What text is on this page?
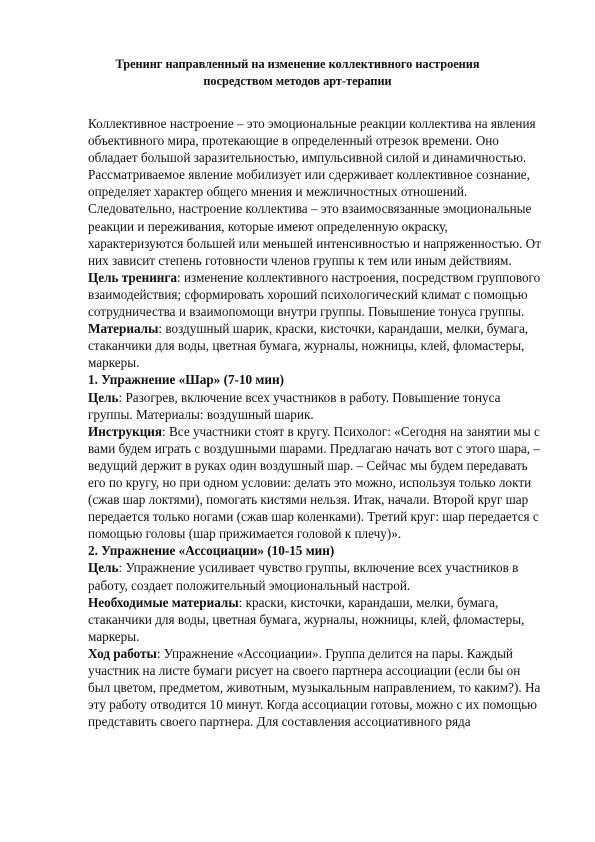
Тренинг направленный на изменение коллективного настроения
посредством методов арт-терапии

Коллективное настроение – это эмоциональные реакции коллектива на явления объективного мира, протекающие в определенный отрезок времени. Оно обладает большой заразительностью, импульсивной силой и динамичностью. Рассматриваемое явление мобилизует или сдерживает коллективное сознание, определяет характер общего мнения и межличностных отношений. Следовательно, настроение коллектива – это взаимосвязанные эмоциональные реакции и переживания, которые имеют определенную окраску, характеризуются большей или меньшей интенсивностью и напряженностью. От них зависит степень готовности членов группы к тем или иным действиям.

Цель тренинга: изменение коллективного настроения, посредством группового взаимодействия; сформировать хороший психологический климат с помощью сотрудничества и взаимопомощи внутри группы. Повышение тонуса группы.

Материалы: воздушный шарик, краски, кисточки, карандаши, мелки, бумага, стаканчики для воды, цветная бумага, журналы, ножницы, клей, фломастеры, маркеры.

1. Упражнение «Шар» (7-10 мин)

Цель: Разогрев, включение всех участников в работу. Повышение тонуса группы. Материалы: воздушный шарик.

Инструкция: Все участники стоят в кругу. Психолог: «Сегодня на занятии мы с вами будем играть с воздушными шарами. Предлагаю начать вот с этого шара, – ведущий держит в руках один воздушный шар. – Сейчас мы будем передавать его по кругу, но при одном условии: делать это можно, используя только локти (сжав шар локтями), помогать кистями нельзя. Итак, начали. Второй круг шар передается только ногами (сжав шар коленками). Третий круг: шар передается с помощью головы (шар прижимается головой к плечу)».

2. Упражнение «Ассоциации» (10-15 мин)

Цель: Упражнение усиливает чувство группы, включение всех участников в работу, создает положительный эмоциональный настрой.

Необходимые материалы: краски, кисточки, карандаши, мелки, бумага, стаканчики для воды, цветная бумага, журналы, ножницы, клей, фломастеры, маркеры.

Ход работы: Упражнение «Ассоциации». Группа делится на пары. Каждый участник на листе бумаги рисует на своего партнера ассоциации (если бы он был цветом, предметом, животным, музыкальным направлением, то каким?). На эту работу отводится 10 минут. Когда ассоциации готовы, можно с их помощью представить своего партнера. Для составления ассоциативного ряда
